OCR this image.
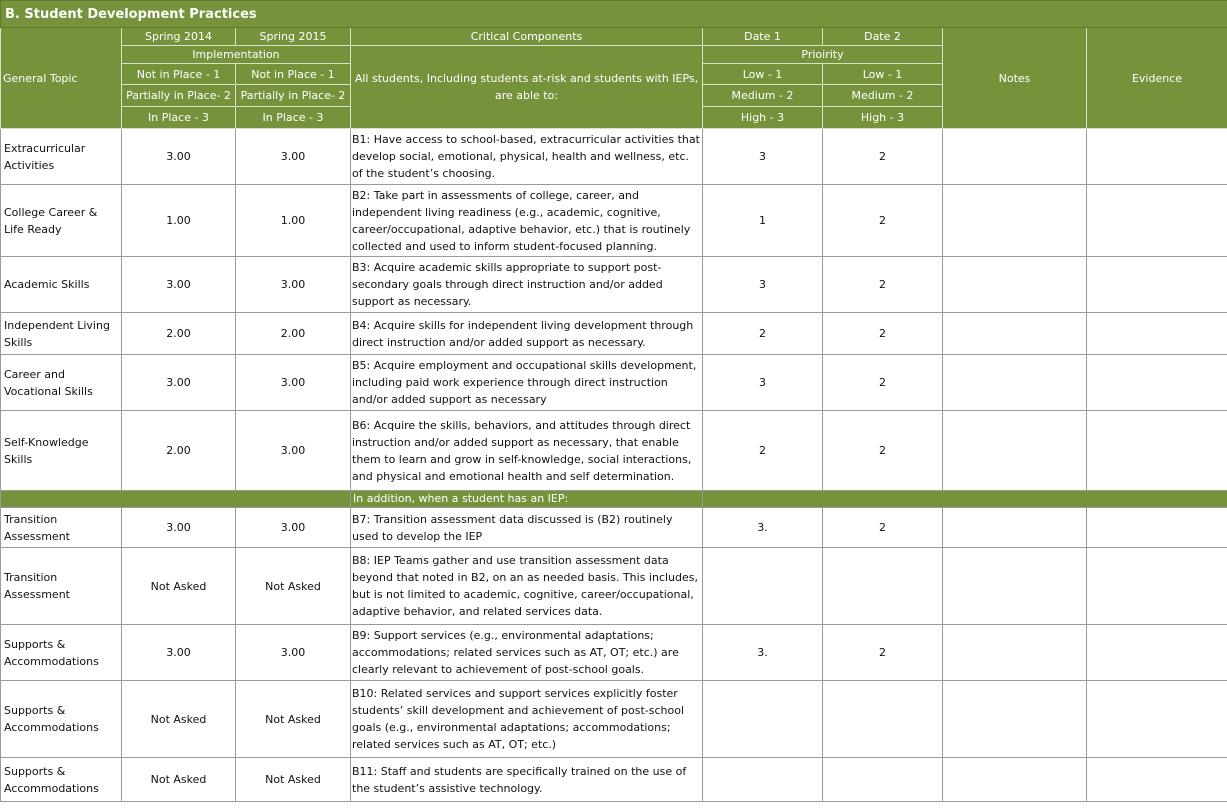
B. Student Development Practices							
General Topic	Spring 2014	Spring 2015	Critical Components	Date 1	Date 2	Notes	Evidence
	Implementation		All students, Including students at-risk and students with IEPs, are able to:	Prioirity			
	Not in Place - 1	Not in Place - 1		Low - 1	Low - 1		
	Partially in Place- 2	Partially in Place- 2		Medium - 2	Medium - 2		
	In Place - 3	In Place - 3		High - 3	High - 3		
Extracurricular Activities	3.00	3.00	B1: Have access to school-based, extracurricular activities that develop social, emotional, physical, health and wellness, etc. of the student’s choosing.	3	2		
College Career & Life Ready	1.00	1.00	B2: Take part in assessments of college, career, and independent living readiness (e.g., academic, cognitive, career/occupational, adaptive behavior, etc.) that is routinely collected and used to inform student-focused planning.	1	2		
Academic Skills	3.00	3.00	B3: Acquire academic skills appropriate to support post-secondary goals through direct instruction and/or added support as necessary.	3	2		
Independent Living Skills	2.00	2.00	B4: Acquire skills for independent living development through direct instruction and/or added support as necessary.	2	2		
Career and Vocational Skills	3.00	3.00	B5: Acquire employment and occupational skills development, including paid work experience through direct instruction and/or added support as necessary	3	2		
Self-Knowledge Skills	2.00	3.00	B6: Acquire the skills, behaviors, and attitudes through direct instruction and/or added support as necessary, that enable them to learn and grow in self-knowledge, social interactions, and physical and emotional health and self determination.	2	2		
			In addition, when a student has an IEP:				
Transition Assessment	3.00	3.00	B7: Transition assessment data discussed is (B2) routinely used to develop the IEP	3.	2		
Transition Assessment	Not Asked	Not Asked	B8: IEP Teams gather and use transition assessment data beyond that noted in B2, on an as needed basis. This includes, but is not limited to academic, cognitive, career/occupational, adaptive behavior, and related services data.				
Supports & Accommodations	3.00	3.00	B9: Support services (e.g., environmental adaptations; accommodations; related services such as AT, OT; etc.) are clearly relevant to achievement of post-school goals.	3.	2		
Supports & Accommodations	Not Asked	Not Asked	B10: Related services and support services explicitly foster students’ skill development and achievement of post-school goals (e.g., environmental adaptations; accommodations; related services such as AT, OT; etc.)				
Supports & Accommodations	Not Asked	Not Asked	B11: Staff and students are specifically trained on the use of the student’s assistive technology.				
